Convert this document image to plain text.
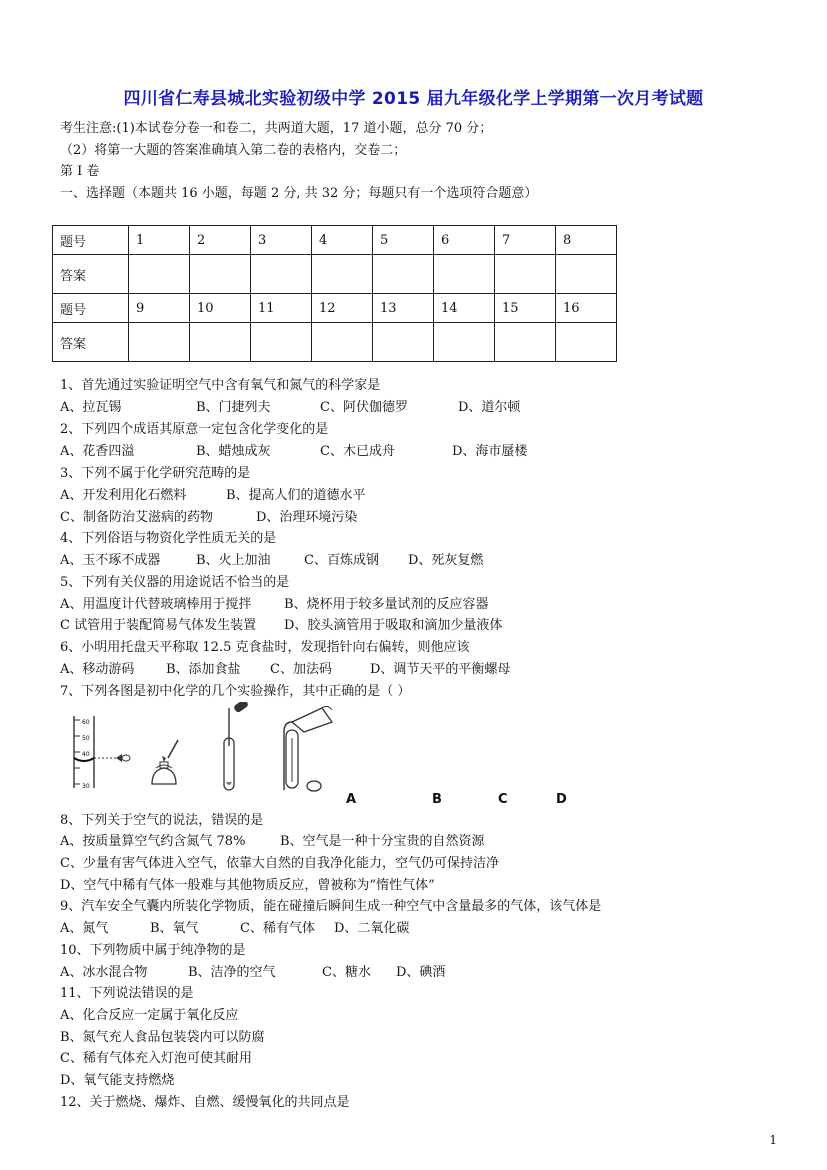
四川省仁寿县城北实验初级中学 2015 届九年级化学上学期第一次月考试题
考生注意:(1)本试卷分卷一和卷二，共两道大题，17 道小题，总分 70 分；
（2）将第一大题的答案准确填入第二卷的表格内，交卷二；
第 I 卷
一、选择题（本题共 16 小题，每题 2 分, 共 32 分；每题只有一个选项符合题意）
题号	1	2	3	4	5	6	7	8
答案								
题号	9	10	11	12	13	14	15	16
答案								
1、首先通过实验证明空气中含有氧气和氮气的科学家是
A、拉瓦锡	B、门捷列夫	C、阿伏伽德罗	D、道尔顿
2、下列四个成语其原意一定包含化学变化的是
A、花香四溢	B、蜡烛成灰	C、木已成舟	D、海市蜃楼
3、下列不属于化学研究范畴的是
A、开发利用化石燃料	B、提高人们的道德水平
C、制备防治艾滋病的药物	D、治理环境污染
4、下列俗语与物资化学性质无关的是
A、玉不琢不成器	B、火上加油	C、百炼成钢 D、死灰复燃
5、下列有关仪器的用途说话不恰当的是
A、用温度计代替玻璃棒用于搅拌	B、烧杯用于较多量试剂的反应容器
C 试管用于装配简易气体发生装置 D、胶头滴管用于吸取和滴加少量液体
6、小明用托盘天平称取 12.5 克食盐时，发现指针向右偏转，则他应该
A、移动游码 B、添加食盐 C、加法码	D、调节天平的平衡螺母
7、下列各图是初中化学的几个实验操作，其中正确的是（ ）
60
50
40
30
A	B	C	D
8、下列关于空气的说法，错误的是
A、按质量算空气约含氮气 78%	B、空气是一种十分宝贵的自然资源
C、少量有害气体进入空气，依靠大自然的自我净化能力，空气仍可保持洁净
D、空气中稀有气体一般难与其他物质反应，曾被称为“惰性气体”
9、汽车安全气囊内所装化学物质，能在碰撞后瞬间生成一种空气中含量最多的气体，该气体是
A、氮气	B、氧气	C、稀有气体 D、二氧化碳
10、下列物质中属于纯净物的是
A、冰水混合物	B、洁净的空气	C、糖水 D、碘酒
11、下列说法错误的是
A、化合反应一定属于氧化反应
B、氮气充人食品包装袋内可以防腐
C、稀有气体充入灯泡可使其耐用
D、氧气能支持燃烧
12、关于燃烧、爆炸、自燃、缓慢氧化的共同点是
1
